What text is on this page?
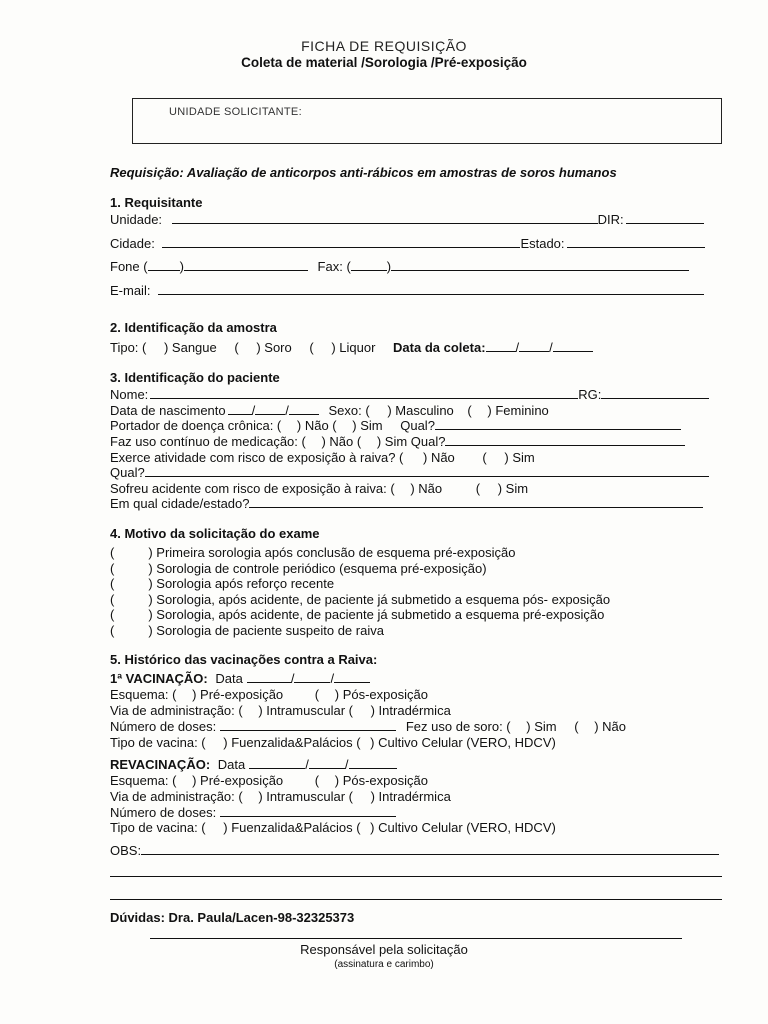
FICHA DE REQUISIÇÃO
Coleta de material /Sorologia /Pré-exposição
UNIDADE SOLICITANTE:
Requisição: Avaliação de anticorpos anti-rábicos em amostras de soros humanos
1. Requisitante
Unidade:	DIR:
Cidade:	Estado:
Fone ( )	Fax: (	)
E-mail:
2. Identificação da amostra
Tipo: ( ) Sangue ( ) Soro ( ) Liquor Data da coleta: / /
3. Identificação do paciente
Nome:	RG:
Data de nascimento / /	Sexo: ( ) Masculino ( ) Feminino
Portador de doença crônica: ( ) Não ( ) Sim Qual?
Faz uso contínuo de medicação: ( ) Não ( ) Sim Qual?
Exerce atividade com risco de exposição à raiva? ( ) Não ( ) Sim
Qual?
Sofreu acidente com risco de exposição à raiva: ( ) Não	( ) Sim
Em qual cidade/estado?
4. Motivo da solicitação do exame
(	) Primeira sorologia após conclusão de esquema pré-exposição
(	) Sorologia de controle periódico (esquema pré-exposição)
(	) Sorologia após reforço recente
(	) Sorologia, após acidente, de paciente já submetido a esquema pós- exposição
(	) Sorologia, após acidente, de paciente já submetido a esquema pré-exposição
(	) Sorologia de paciente suspeito de raiva
5. Histórico das vacinações contra a Raiva:
1ª VACINAÇÃO: Data	/	/
Esquema: ( ) Pré-exposição ( ) Pós-exposição
Via de administração: ( ) Intramuscular ( ) Intradérmica
Número de doses:	Fez uso de soro: ( ) Sim ( ) Não
Tipo de vacina: ( ) Fuenzalida&Palácios ( ) Cultivo Celular (VERO, HDCV)
REVACINAÇÃO: Data	/	/
Esquema: ( ) Pré-exposição ( ) Pós-exposição
Via de administração: ( ) Intramuscular ( ) Intradérmica
Número de doses:
Tipo de vacina: ( ) Fuenzalida&Palácios ( ) Cultivo Celular (VERO, HDCV)
OBS:
Dúvidas: Dra. Paula/Lacen-98-32325373
Responsável pela solicitação
(assinatura e carimbo)
